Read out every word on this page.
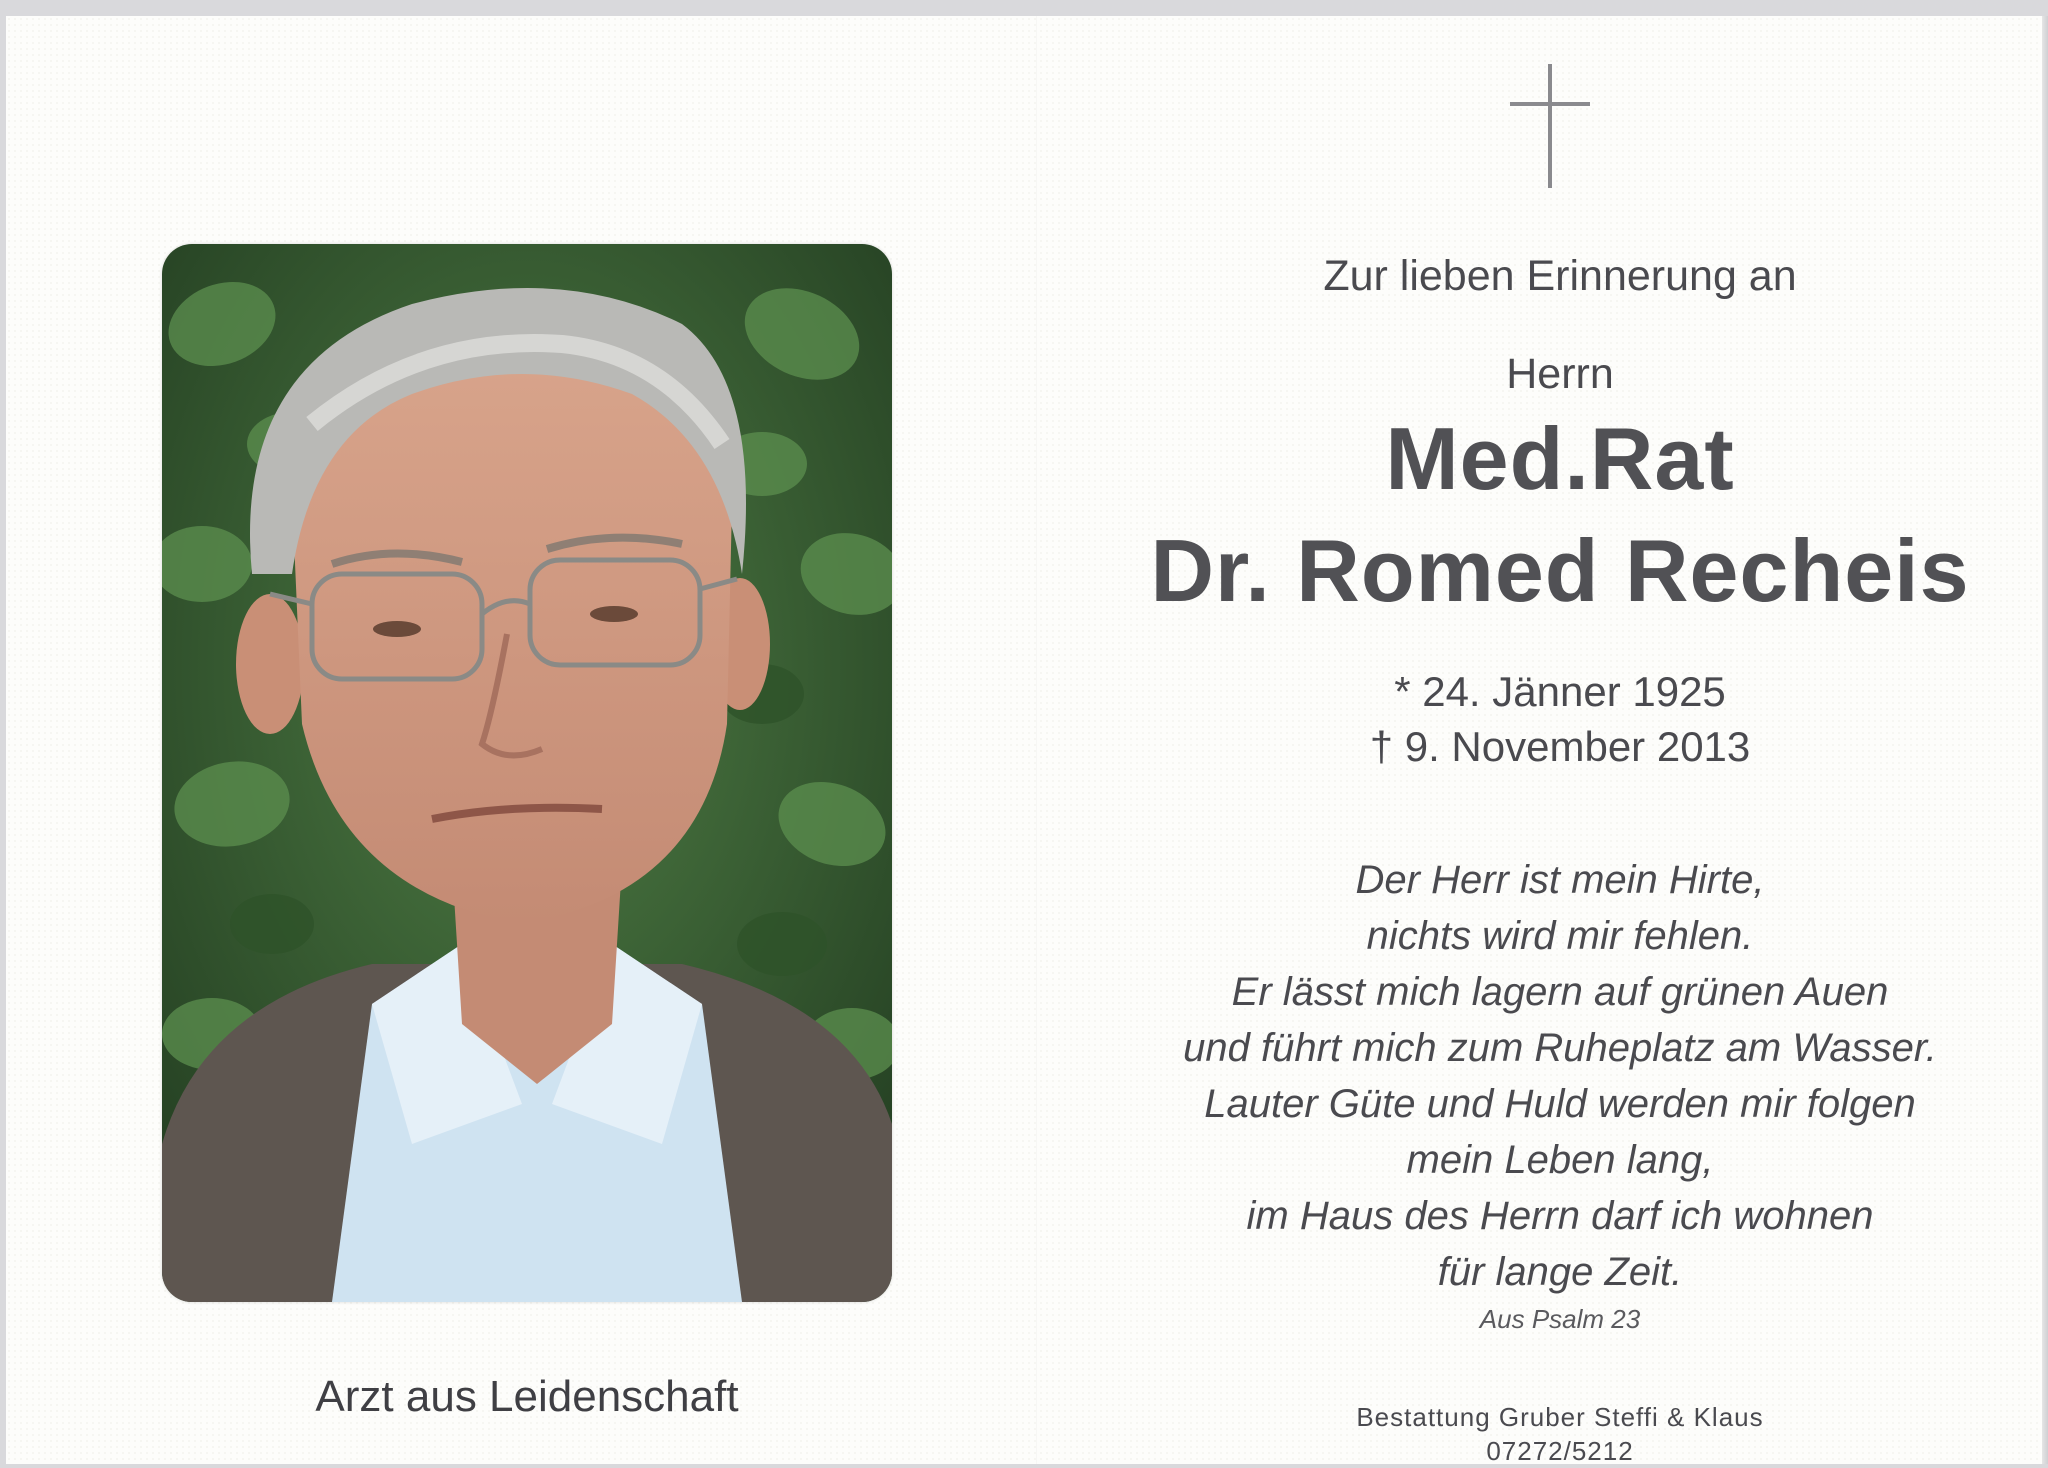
Arzt aus Leidenschaft
Zur lieben Erinnerung an
Herrn
Med.Rat
Dr. Romed Recheis
* 24. Jänner 1925
† 9. November 2013
Der Herr ist mein Hirte,
nichts wird mir fehlen.
Er lässt mich lagern auf grünen Auen
und führt mich zum Ruheplatz am Wasser.
Lauter Güte und Huld werden mir folgen
mein Leben lang,
im Haus des Herrn darf ich wohnen
für lange Zeit.
Aus Psalm 23
Bestattung Gruber Steffi & Klaus
07272/5212
